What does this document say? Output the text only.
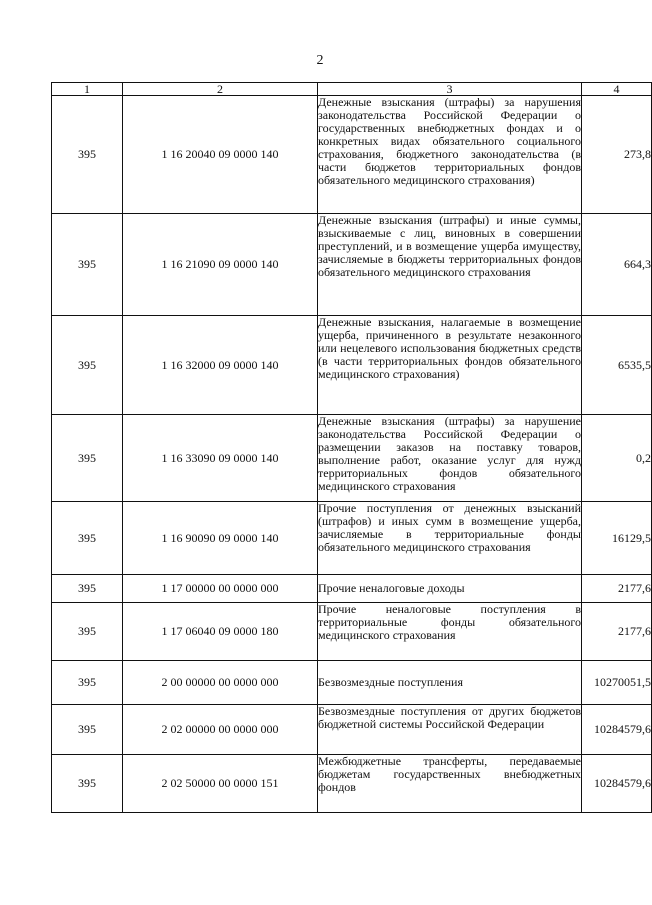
2
1	2	3	4
395	1 16 20040 09 0000 140	Денежные взыскания (штрафы) за нарушения законодательства Российской Федерации о государственных внебюджетных фондах и о конкретных видах обязательного социального страхования, бюджетного законодательства (в части бюджетов территориальных фондов обязательного медицинского страхования)	273,8
395	1 16 21090 09 0000 140	Денежные взыскания (штрафы) и иные суммы, взыскиваемые с лиц, виновных в совершении преступлений, и в возмещение ущерба имуществу, зачисляемые в бюджеты территориальных фондов обязательного медицинского страхования	664,3
395	1 16 32000 09 0000 140	Денежные взыскания, налагаемые в возмещение ущерба, причиненного в результате незаконного или нецелевого использования бюджетных средств (в части территориальных фондов обязательного медицинского страхования)	6535,5
395	1 16 33090 09 0000 140	Денежные взыскания (штрафы) за нарушение законодательства Российской Федерации о размещении заказов на поставку товаров, выполнение работ, оказание услуг для нужд территориальных фондов обязательного медицинского страхования	0,2
395	1 16 90090 09 0000 140	Прочие поступления от денежных взысканий (штрафов) и иных сумм в возмещение ущерба, зачисляемые в территориальные фонды обязательного медицинского страхования	16129,5
395	1 17 00000 00 0000 000	Прочие неналоговые доходы	2177,6
395	1 17 06040 09 0000 180	Прочие неналоговые поступления в территориальные фонды обязательного медицинского страхования	2177,6
395	2 00 00000 00 0000 000	Безвозмездные поступления	10270051,5
395	2 02 00000 00 0000 000	Безвозмездные поступления от других бюджетов бюджетной системы Российской Федерации	10284579,6
395	2 02 50000 00 0000 151	Межбюджетные трансферты, передаваемые бюджетам государственных внебюджетных фондов	10284579,6
